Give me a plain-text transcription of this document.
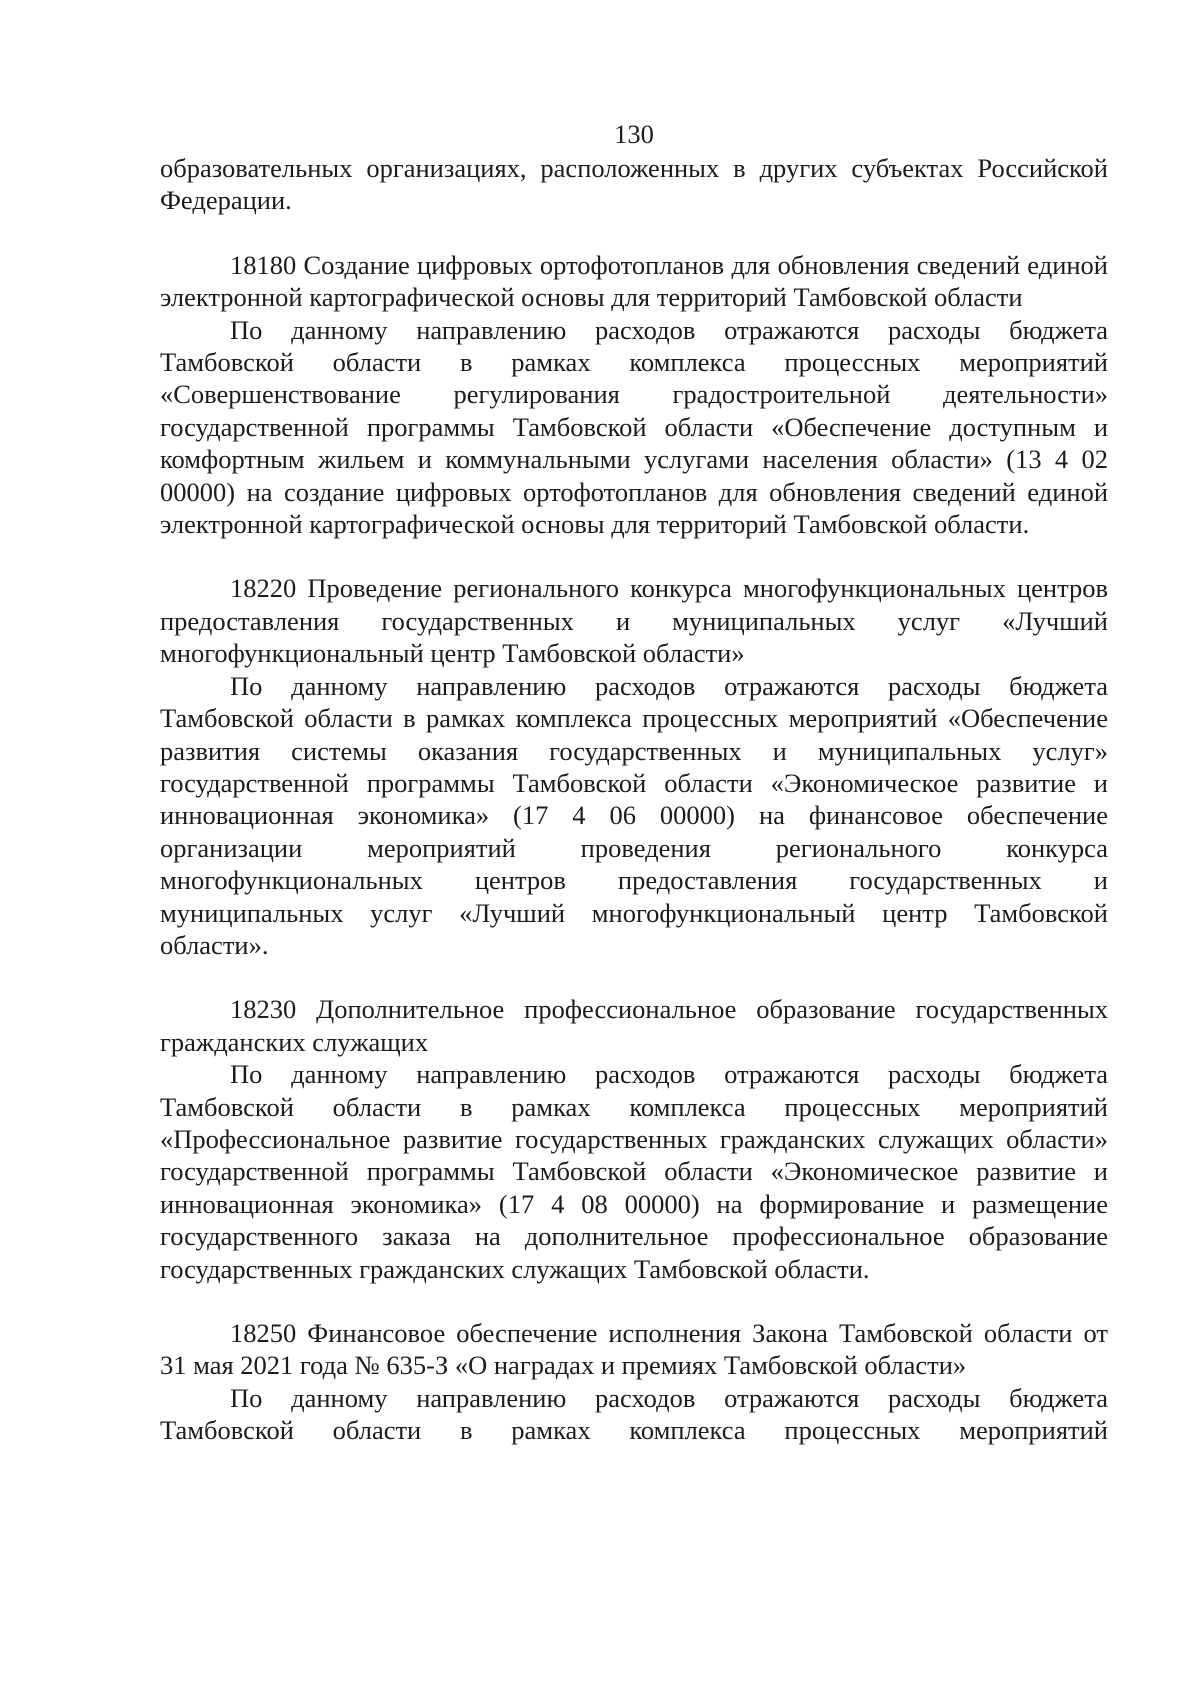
130

образовательных организациях, расположенных в других субъектах Российской Федерации.

18180 Создание цифровых ортофотопланов для обновления сведений единой электронной картографической основы для территорий Тамбовской области

По данному направлению расходов отражаются расходы бюджета Тамбовской области в рамках комплекса процессных мероприятий «Совершенствование регулирования градостроительной деятельности» государственной программы Тамбовской области «Обеспечение доступным и комфортным жильем и коммунальными услугами населения области» (13 4 02 00000) на создание цифровых ортофотопланов для обновления сведений единой электронной картографической основы для территорий Тамбовской области.

18220 Проведение регионального конкурса многофункциональных центров предоставления государственных и муниципальных услуг «Лучший многофункциональный центр Тамбовской области»

По данному направлению расходов отражаются расходы бюджета Тамбовской области в рамках комплекса процессных мероприятий «Обеспечение развития системы оказания государственных и муниципальных услуг» государственной программы Тамбовской области «Экономическое развитие и инновационная экономика» (17 4 06 00000) на финансовое обеспечение организации мероприятий проведения регионального конкурса многофункциональных центров предоставления государственных и муниципальных услуг «Лучший многофункциональный центр Тамбовской области».

18230 Дополнительное профессиональное образование государственных гражданских служащих

По данному направлению расходов отражаются расходы бюджета Тамбовской области в рамках комплекса процессных мероприятий «Профессиональное развитие государственных гражданских служащих области» государственной программы Тамбовской области «Экономическое развитие и инновационная экономика» (17 4 08 00000) на формирование и размещение государственного заказа на дополнительное профессиональное образование государственных гражданских служащих Тамбовской области.

18250 Финансовое обеспечение исполнения Закона Тамбовской области от 31 мая 2021 года № 635-З «О наградах и премиях Тамбовской области»

По данному направлению расходов отражаются расходы бюджета Тамбовской области в рамках комплекса процессных мероприятий
